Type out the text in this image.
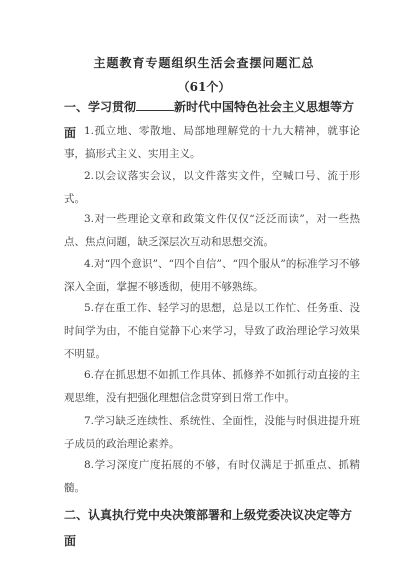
主题教育专题组织生活会查摆问题汇总
（61个）
一、学习贯彻	新时代中国特色社会主义思想等方面 1.孤立地、零散地、局部地理解党的十九大精神，就事论事，搞形式主义、实用主义。
2.以会议落实会议，以文件落实文件，空喊口号、流于形式。
3.对一些理论文章和政策文件仅仅“泛泛而读”，对一些热点、焦点问题，缺乏深层次互动和思想交流。
4.对“四个意识”、“四个自信”、“四个服从”的标准学习不够深入全面，掌握不够透彻，使用不够熟练。
5.存在重工作、轻学习的思想，总是以工作忙、任务重、没时间学为由，不能自觉静下心来学习，导致了政治理论学习效果不明显。
6.存在抓思想不如抓工作具体、抓修养不如抓行动直接的主观思维，没有把强化理想信念贯穿到日常工作中。
7.学习缺乏连续性、系统性、全面性，没能与时俱进提升班子成员的政治理论素养。
8.学习深度广度拓展的不够，有时仅满足于抓重点、抓精髓。
二、认真执行党中央决策部署和上级党委决议决定等方面
